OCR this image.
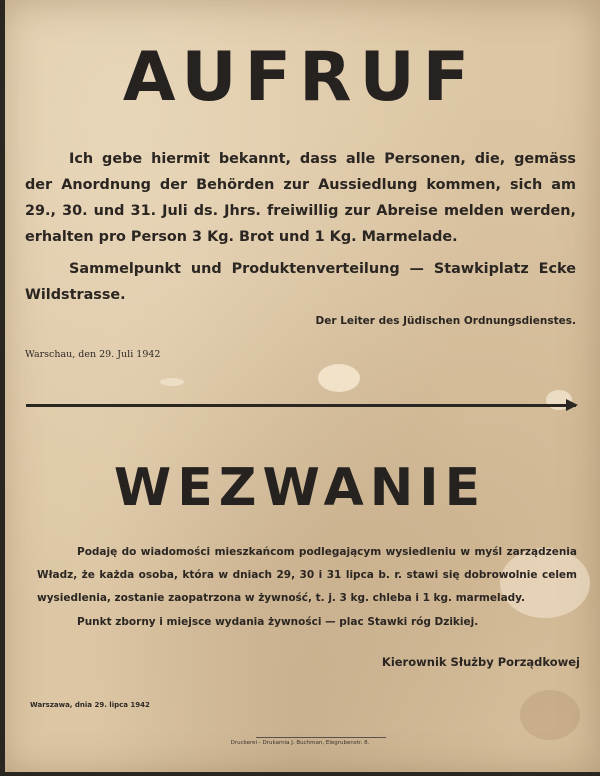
AUFRUF
Ich gebe hiermit bekannt, dass alle Personen, die, gemäss der Anordnung der Behörden zur Aussiedlung kommen, sich am 29., 30. und 31. Juli ds. Jhrs. freiwillig zur Abreise melden werden, erhalten pro Person 3 Kg. Brot und 1 Kg. Marmelade.
Sammelpunkt und Produktenverteilung — Stawkiplatz Ecke Wildstrasse.
Der Leiter des Jüdischen Ordnungsdienstes.
Warschau, den 29. Juli 1942
WEZWANIE
Podaję do wiadomości mieszkańcom podlegającym wysiedleniu w myśl zarządzenia Władz, że każda osoba, która w dniach 29, 30 i 31 lipca b. r. stawi się dobrowolnie celem wysiedlenia, zostanie zaopatrzona w żywność, t. j. 3 kg. chleba i 1 kg. marmelady.
Punkt zborny i miejsce wydania żywności — plac Stawki róg Dzikiej.
Kierownik Służby Porządkowej
Warszawa, dnia 29. lipca 1942
Druckerei - Drukarnia J. Buchman, Elegrubenstr. 8.
